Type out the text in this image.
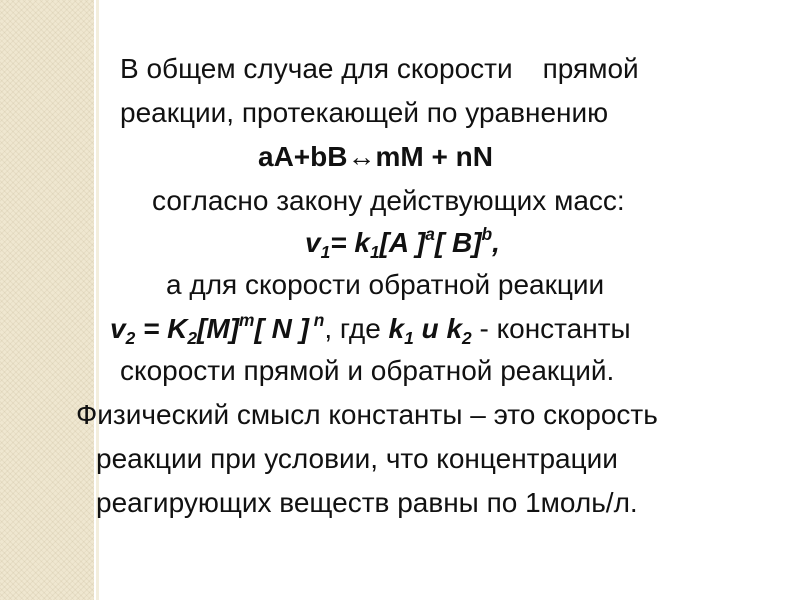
В общем случае для скорости прямой
реакции, протекающей по уравнению
aA+bB↔mM + nN
согласно закону действующих масс:
$v_1= k_1[A$ ]$^a$[ B]$^b$,
а для скорости обратной реакции
$v_2 = K_2[M]^m$[ N ] $^n$, где $k_1$ и $k_2$ - константы
скорости прямой и обратной реакций.
Физический смысл константы – это скорость
реакции при условии, что концентрации
реагирующих веществ равны по 1моль/л.
